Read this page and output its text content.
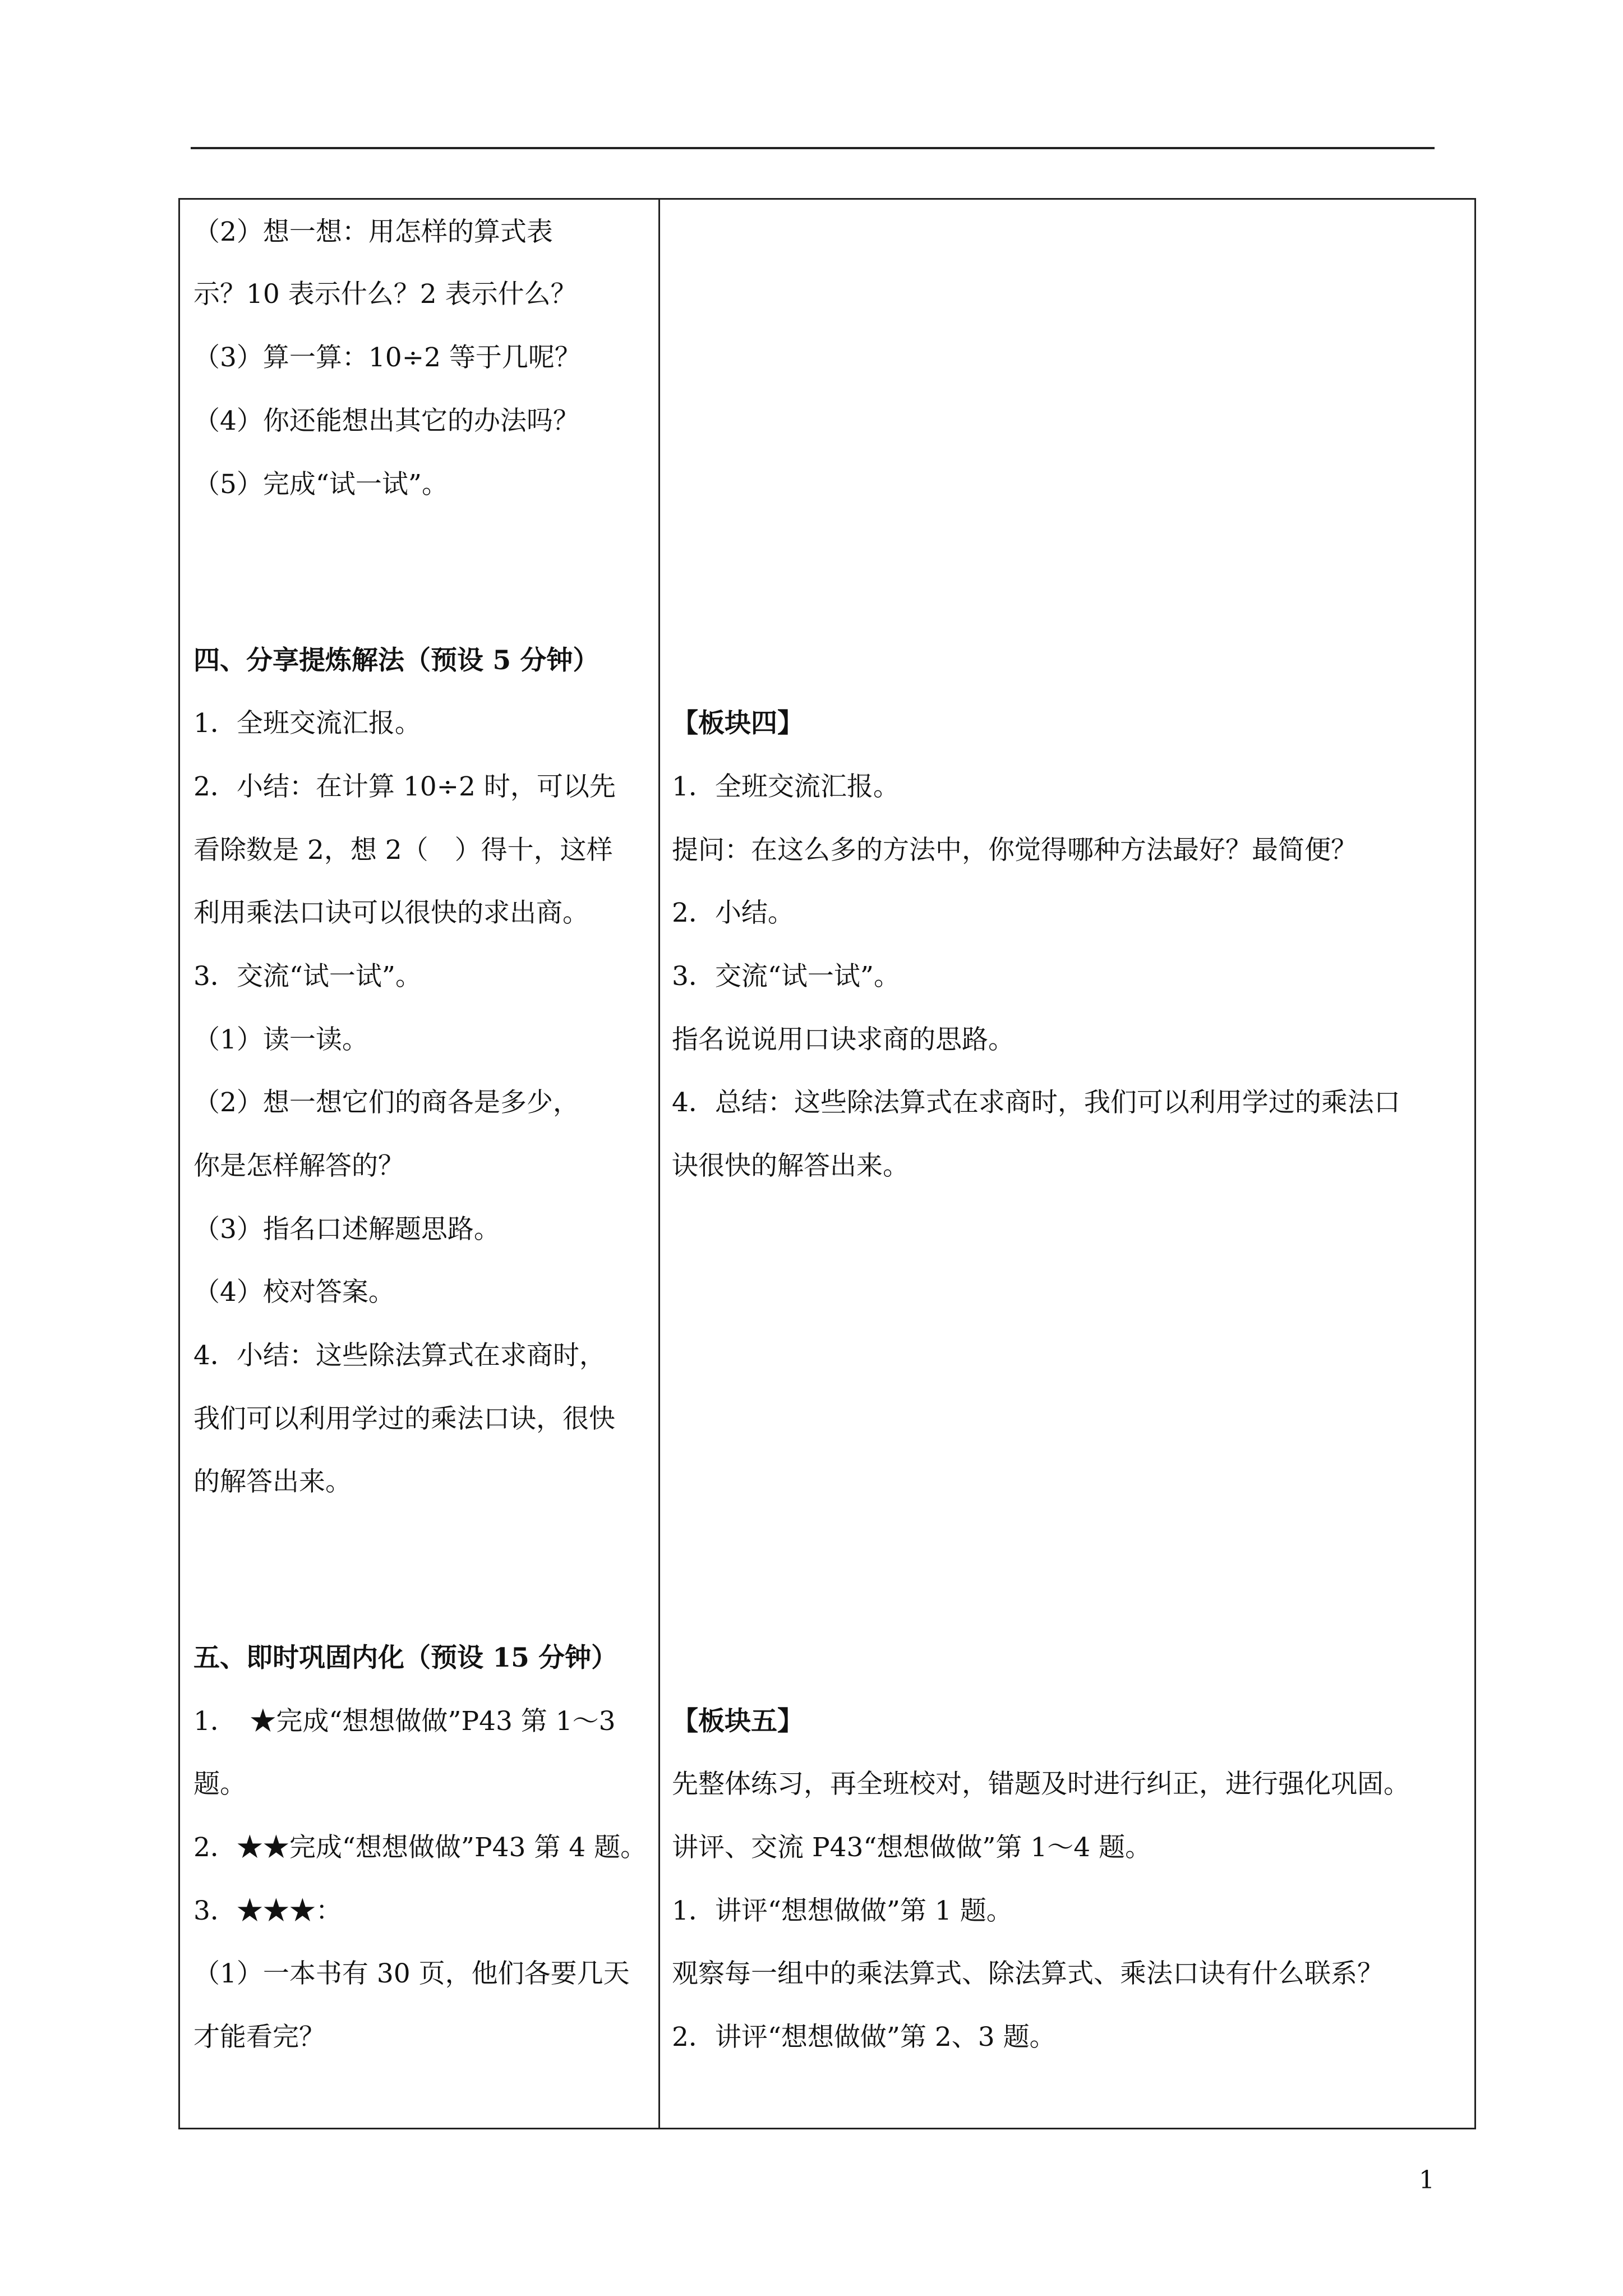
（2）想一想：用怎样的算式表
示？10 表示什么？2 表示什么？
（3）算一算：10÷2 等于几呢？
（4）你还能想出其它的办法吗？
（5）完成“试一试”。
四、分享提炼解法（预设 5 分钟）
1．全班交流汇报。
2．小结：在计算 10÷2 时，可以先
看除数是 2，想 2（　）得十，这样
利用乘法口诀可以很快的求出商。
3．交流“试一试”。
（1）读一读。
（2）想一想它们的商各是多少，
你是怎样解答的？
（3）指名口述解题思路。
（4）校对答案。
4．小结：这些除法算式在求商时，
我们可以利用学过的乘法口诀，很快
的解答出来。
五、即时巩固内化（预设 15 分钟）
1．　★完成“想想做做”P43 第 1～3
题。
2．★★完成“想想做做”P43 第 4 题。
3．★★★：
（1）一本书有 30 页，他们各要几天
才能看完？
【板块四】
1．全班交流汇报。
提问：在这么多的方法中，你觉得哪种方法最好？最简便？
2．小结。
3．交流“试一试”。
指名说说用口诀求商的思路。
4．总结：这些除法算式在求商时，我们可以利用学过的乘法口
诀很快的解答出来。
【板块五】
先整体练习，再全班校对，错题及时进行纠正，进行强化巩固。
讲评、交流 P43“想想做做”第 1～4 题。
1．讲评“想想做做”第 1 题。
观察每一组中的乘法算式、除法算式、乘法口诀有什么联系？
2．讲评“想想做做”第 2、3 题。
1
